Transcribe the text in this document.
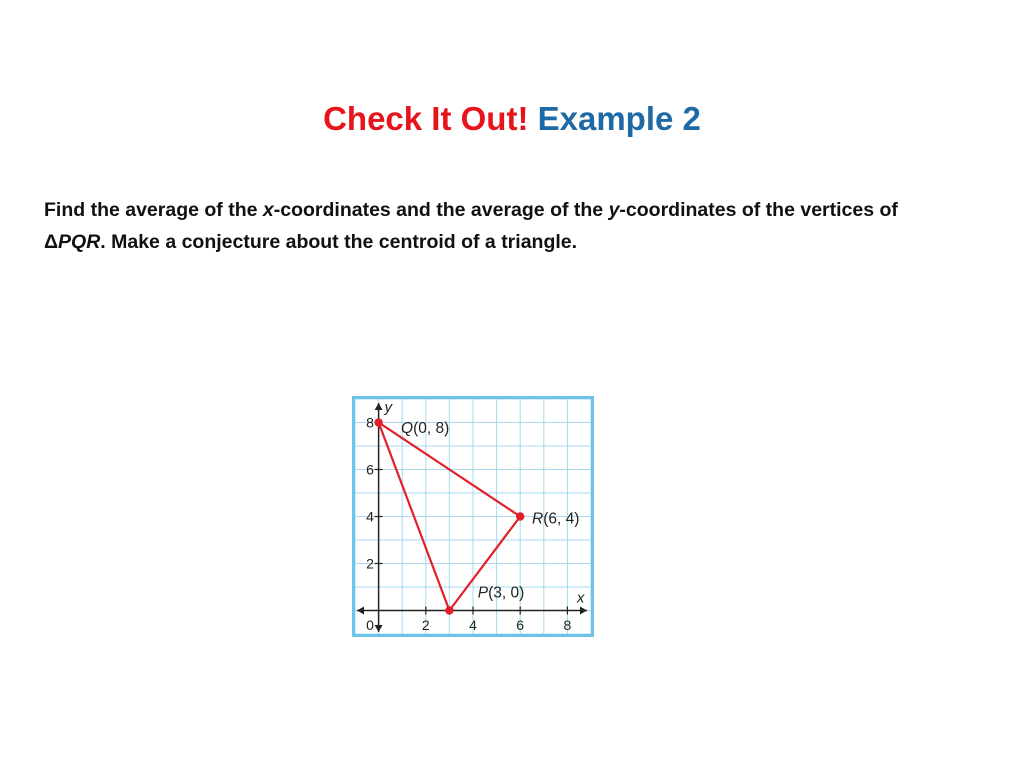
Check It Out! Example 2
Find the average of the x-coordinates and the average of the y-coordinates of the vertices of ΔPQR. Make a conjecture about the centroid of a triangle.
x
y
2	4	6	8
2
4
6
8
0
P(3, 0)
Q(0, 8)
R(6, 4)
